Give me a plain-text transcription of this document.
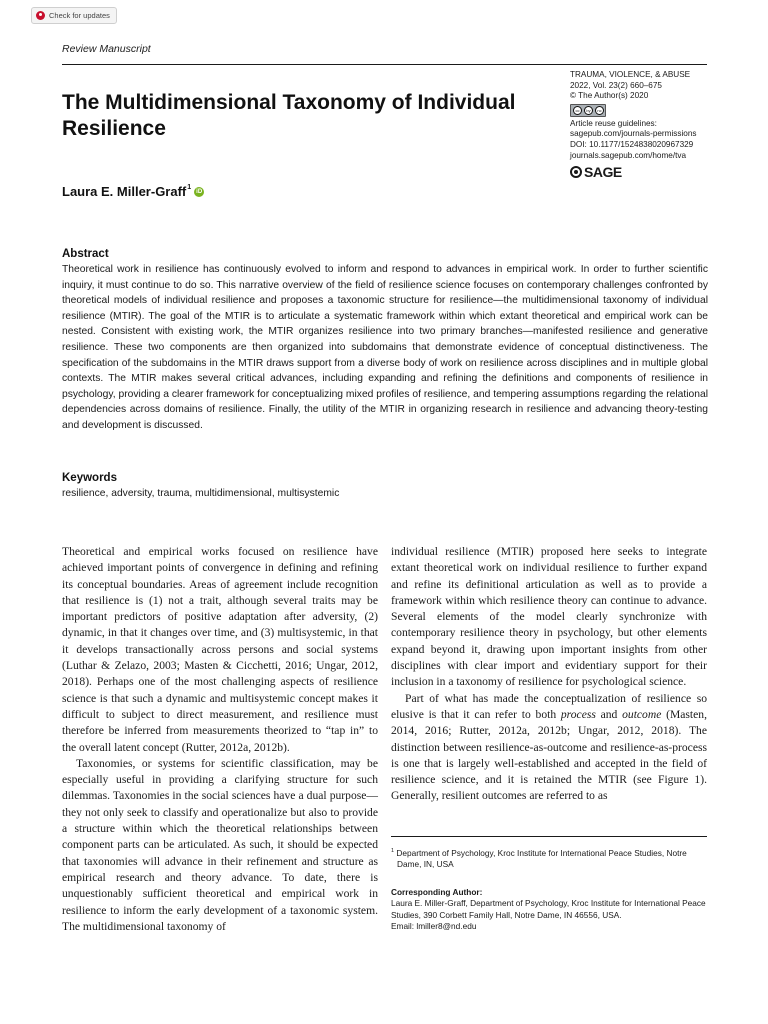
Check for updates
Review Manuscript
TRAUMA, VIOLENCE, & ABUSE
2022, Vol. 23(2) 660–675
© The Author(s) 2020
cc	by	nc
Article reuse guidelines:
sagepub.com/journals-permissions
DOI: 10.1177/1524838020967329
journals.sagepub.com/home/tva
SAGE
The Multidimensional Taxonomy of Individual Resilience
Laura E. Miller-Graff$^1$
iD

Abstract

Theoretical work in resilience has continuously evolved to inform and respond to advances in empirical work. In order to further scientific inquiry, it must continue to do so. This narrative overview of the field of resilience science focuses on contemporary challenges confronted by theoretical models of individual resilience and proposes a taxonomic structure for resilience—the multidimensional taxonomy of individual resilience (MTIR). The goal of the MTIR is to articulate a systematic framework within which extant theoretical and empirical work can be nested. Consistent with existing work, the MTIR organizes resilience into two primary branches—manifested resilience and generative resilience. These two components are then organized into subdomains that demonstrate evidence of conceptual distinctiveness. The specification of the subdomains in the MTIR draws support from a diverse body of work on resilience across disciplines and in multiple global contexts. The MTIR makes several critical advances, including expanding and refining the definitions and components of resilience in psychology, providing a clearer framework for conceptualizing mixed profiles of resilience, and tempering assumptions regarding the relational dependencies across domains of resilience. Finally, the utility of the MTIR in organizing research in resilience and advancing theory-testing and development is discussed.

Keywords

resilience, adversity, trauma, multidimensional, multisystemic

Theoretical and empirical works focused on resilience have achieved important points of convergence in defining and refining its conceptual boundaries. Areas of agreement include recognition that resilience is (1) not a trait, although several traits may be important predictors of positive adaptation after adversity, (2) dynamic, in that it changes over time, and (3) multisystemic, in that it develops transactionally across persons and social systems (Luthar & Zelazo, 2003; Masten & Cicchetti, 2016; Ungar, 2012, 2018). Perhaps one of the most challenging aspects of resilience science is that such a dynamic and multisystemic concept makes it difficult to subject to direct measurement, and resilience must therefore be inferred from measurements theorized to “tap in” to the overall latent concept (Rutter, 2012a, 2012b).

Taxonomies, or systems for scientific classification, may be especially useful in providing a clarifying structure for such dilemmas. Taxonomies in the social sciences have a dual purpose—they not only seek to classify and operationalize but also to provide a structure within which the theoretical relationships between component parts can be articulated. As such, it should be expected that taxonomies will advance in their refinement and structure as empirical research and theory advance. To date, there is unquestionably sufficient theoretical and empirical work in resilience to inform the early development of a taxonomic system. The multidimensional taxonomy of

individual resilience (MTIR) proposed here seeks to integrate extant theoretical work on individual resilience to further expand and refine its definitional articulation as well as to provide a framework within which resilience theory can continue to advance. Several elements of the model clearly synchronize with contemporary resilience theory in psychology, but other elements expand beyond it, drawing upon important insights from other disciplines with clear import and evidentiary support for their inclusion in a taxonomy of resilience for psychological science.

Part of what has made the conceptualization of resilience so elusive is that it can refer to both process and outcome (Masten, 2014, 2016; Rutter, 2012a, 2012b; Ungar, 2012, 2018). The distinction between resilience-as-outcome and resilience-as-process is one that is largely well-established and accepted in the field of resilience science, and it is retained the MTIR (see Figure 1). Generally, resilient outcomes are referred to as

$^1$ Department of Psychology, Kroc Institute for International Peace Studies, Notre Dame, IN, USA

Corresponding Author:

Laura E. Miller-Graff, Department of Psychology, Kroc Institute for International Peace Studies, 390 Corbett Family Hall, Notre Dame, IN 46556, USA.

Email: lmiller8@nd.edu
